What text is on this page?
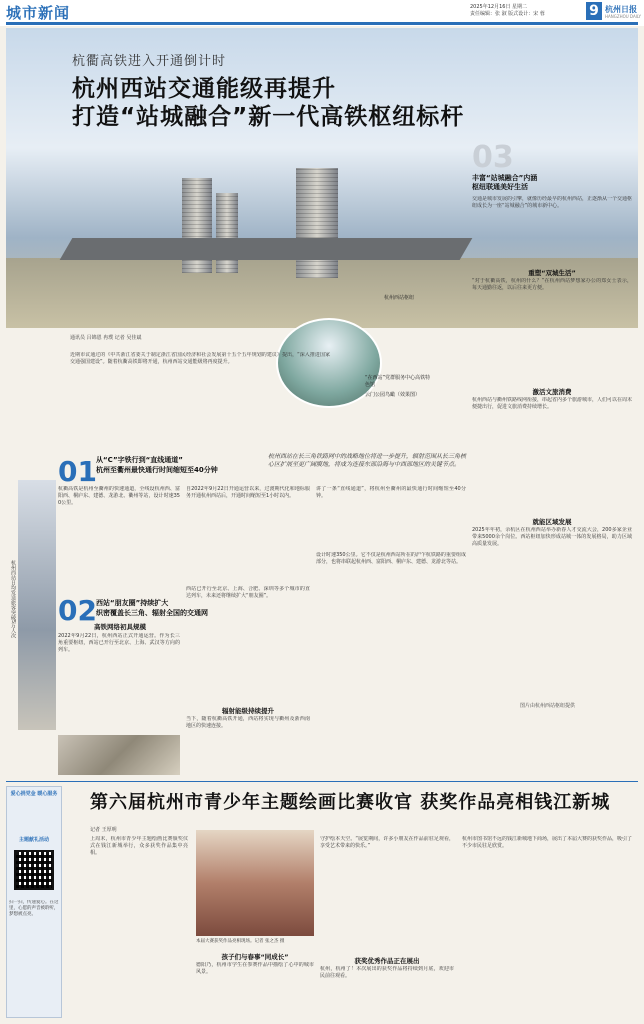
城市新闻	2025年12月16日 星期二
责任编辑：张 淑 版式设计：宋 蓉	9 杭州日报
HANGZHOU DAILY
杭衢高铁进入开通倒计时
杭州西站交通能级再提升
打造“站城融合”新一代高铁枢纽标杆
杭州西站枢纽
“在西站”党群服务中心高铁特色馆
云门公园鸟瞰（效果图）
03
丰富“站城融合”内涵
枢纽联通美好生活
交通是城市发展的引擎，就像历经最早的杭州西站，正逐渐从一个交通枢纽成长为一座“站城融合”的城市新中心。
重塑“双城生活”
“对于杭衢高铁，杭州的什么？”在杭州西站梦想家办公的郑女士表示，每天通勤往返，以后往来更方便。
激活文旅消费
杭州西站与衢州铁路线网衔接，串起省内多个旅游城市，人们可以在周末便捷出行，促进文旅消费持续增长。
就能区域发展
2025年年初，余杭区在杭州西站举办新春人才交流大会，200多家企业带来5000余个岗位。西站枢纽加快形成站城一体的发展格局，助力区域高质量发展。
图片由杭州西站枢纽提供
通讯员 吕锦恩 冉璞 记者 吴佳斌
近期市议通过的《中共浙江省委关于制定浙江省国民经济和社会发展第十五个五年规划的建议》提出，“深入推进国家交通强国建设”。随着杭衢高铁即将开通，杭州西站交通能级将再度提升。
01 从“C”字铁行到“直线通道”
杭州至衢州最快通行时间缩短至40分钟
杭州西站在长三角铁路网中的战略地位将进一步提升，辐射范围从长三角核心区扩展至更广阔腹地，将成为连接东部沿海与中西部地区的关键节点。
杭衢高铁是杭州至衢州的快速通道，全线设杭州西、富阳西、桐庐东、建德、龙游北、衢州等站，设计时速350公里。
自2022年9月22日开通运营以来，过渡期代化和地标服务开通杭州西站后，开通时间缩短至1小时以内。
讲了一条“直线通道”，将杭州至衢州的最快通行时间缩短至40分钟。
杭州西站日均发送旅客突破5万人次 02 西站“朋友圈”持续扩大
织密覆盖长三角、辐射全国的交通网
高铁网络初具规模
2022年9月22日，杭州西站正式开通运营。作为长三角重要枢纽，西站已开行至北京、上海、武汉等方向的列车。
西站已开行至北京、上海、合肥、深圳等多个城市的直达列车，未来还将继续扩大“朋友圈”。
辐射能级持续提升
当下，随着杭衢高铁开通，西站将实现与衢州及浙西南地区的快速连接。
设计时速350公里。它不仅是杭州西站所在的沪乍杭铁路的重要组成部分，也将串联起杭州西、富阳西、桐庐东、建德、龙游北等站。
爱心捐党金 暖心服务
主题献礼活动
扫一扫，传递爱心。在这里，心愿的声音被聆听，梦想被点亮。
第六届杭州市青少年主题绘画比赛收官 获奖作品亮相钱江新城
记者 王厚明
上周末，杭州市青少年主题绘画比赛颁奖仪式在钱江新城举行，众多获奖作品集中亮相。
本届大赛获奖作品亮相现场。记者 张之杰 摄
孩子们与春事“同成长”
德阳乃，杭州市学生在参赛作品中描绘了心中的城市风景。
守护绘本天空。“展览期间，许多小朋友在作品前驻足观看，享受艺术带来的快乐。”
获奖优秀作品正在展出
杭州，杭州了！本次展出的获奖作品将持续到月底，欢迎市民前往观看。
杭州市图书馆不远的钱江新城地下商场，展出了本届大赛的获奖作品，吸引了不少市民驻足欣赏。
